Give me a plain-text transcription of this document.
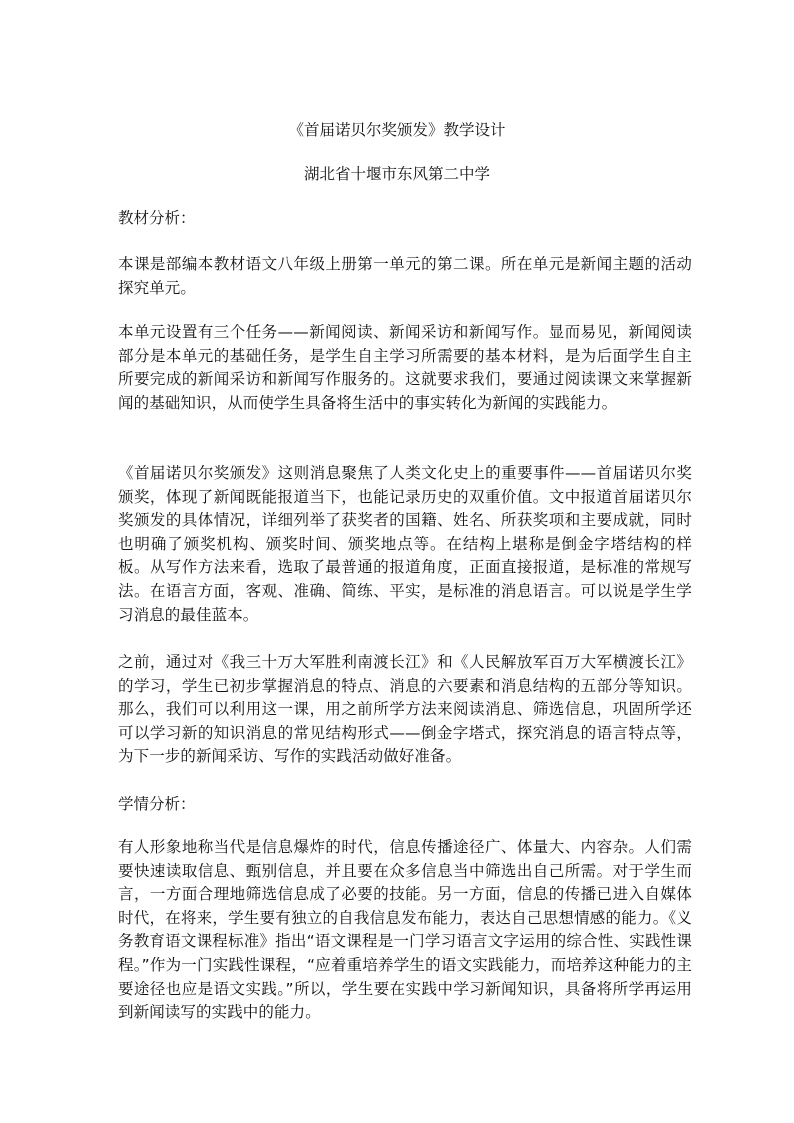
《首届诺贝尔奖颁发》教学设计
湖北省十堰市东风第二中学
教材分析：
本课是部编本教材语文八年级上册第一单元的第二课。所在单元是新闻主题的活动探究单元。
本单元设置有三个任务——新闻阅读、新闻采访和新闻写作。显而易见，新闻阅读部分是本单元的基础任务，是学生自主学习所需要的基本材料，是为后面学生自主所要完成的新闻采访和新闻写作服务的。这就要求我们，要通过阅读课文来掌握新闻的基础知识，从而使学生具备将生活中的事实转化为新闻的实践能力。
《首届诺贝尔奖颁发》这则消息聚焦了人类文化史上的重要事件——首届诺贝尔奖颁奖，体现了新闻既能报道当下，也能记录历史的双重价值。文中报道首届诺贝尔奖颁发的具体情况，详细列举了获奖者的国籍、姓名、所获奖项和主要成就，同时也明确了颁奖机构、颁奖时间、颁奖地点等。在结构上堪称是倒金字塔结构的样板。从写作方法来看，选取了最普通的报道角度，正面直接报道，是标准的常规写法。在语言方面，客观、准确、简练、平实，是标准的消息语言。可以说是学生学习消息的最佳蓝本。
之前，通过对《我三十万大军胜利南渡长江》和《人民解放军百万大军横渡长江》的学习，学生已初步掌握消息的特点、消息的六要素和消息结构的五部分等知识。那么，我们可以利用这一课，用之前所学方法来阅读消息、筛选信息，巩固所学还可以学习新的知识消息的常见结构形式——倒金字塔式，探究消息的语言特点等，为下一步的新闻采访、写作的实践活动做好准备。
学情分析：
有人形象地称当代是信息爆炸的时代，信息传播途径广、体量大、内容杂。人们需要快速读取信息、甄别信息，并且要在众多信息当中筛选出自己所需。对于学生而言，一方面合理地筛选信息成了必要的技能。另一方面，信息的传播已进入自媒体时代，在将来，学生要有独立的自我信息发布能力，表达自己思想情感的能力。《义务教育语文课程标准》指出“语文课程是一门学习语言文字运用的综合性、实践性课程。”作为一门实践性课程，“应着重培养学生的语文实践能力，而培养这种能力的主要途径也应是语文实践。”所以，学生要在实践中学习新闻知识，具备将所学再运用到新闻读写的实践中的能力。
